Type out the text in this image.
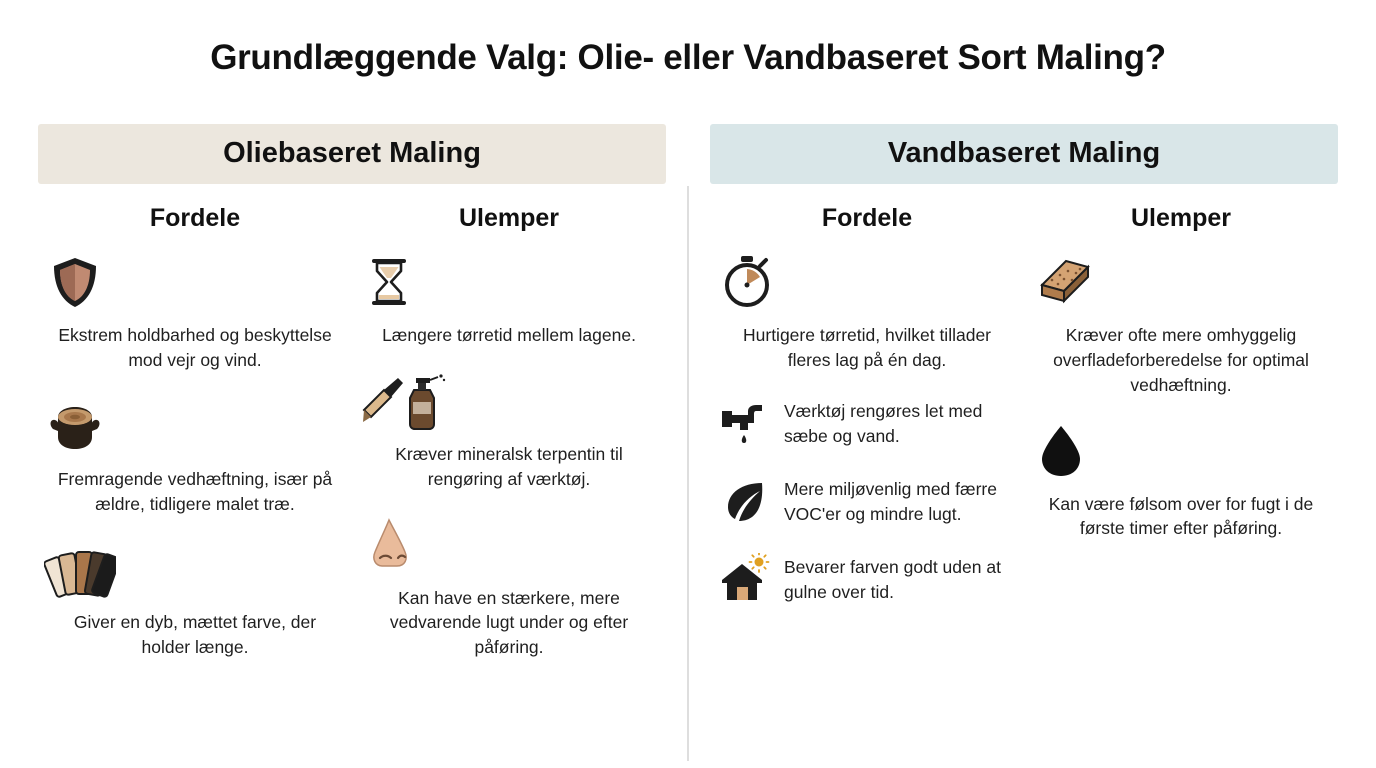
Grundlæggende Valg: Olie- eller Vandbaseret Sort Maling?
Oliebaseret Maling
Fordele
Ekstrem holdbarhed og beskyttelse mod vejr og vind.
Fremragende vedhæftning, især på ældre, tidligere malet træ.
Giver en dyb, mættet farve, der holder længe.
Ulemper
Længere tørretid mellem lagene.
Kræver mineralsk terpentin til rengøring af værktøj.
Kan have en stærkere, mere vedvarende lugt under og efter påføring.
Vandbaseret Maling
Fordele
Hurtigere tørretid, hvilket tillader fleres lag på én dag.
Værktøj rengøres let med sæbe og vand.
Mere miljøvenlig med færre VOC'er og mindre lugt.
Bevarer farven godt uden at gulne over tid.
Ulemper
Kræver ofte mere omhyggelig overfladeforberedelse for optimal vedhæftning.
Kan være følsom over for fugt i de første timer efter påføring.
